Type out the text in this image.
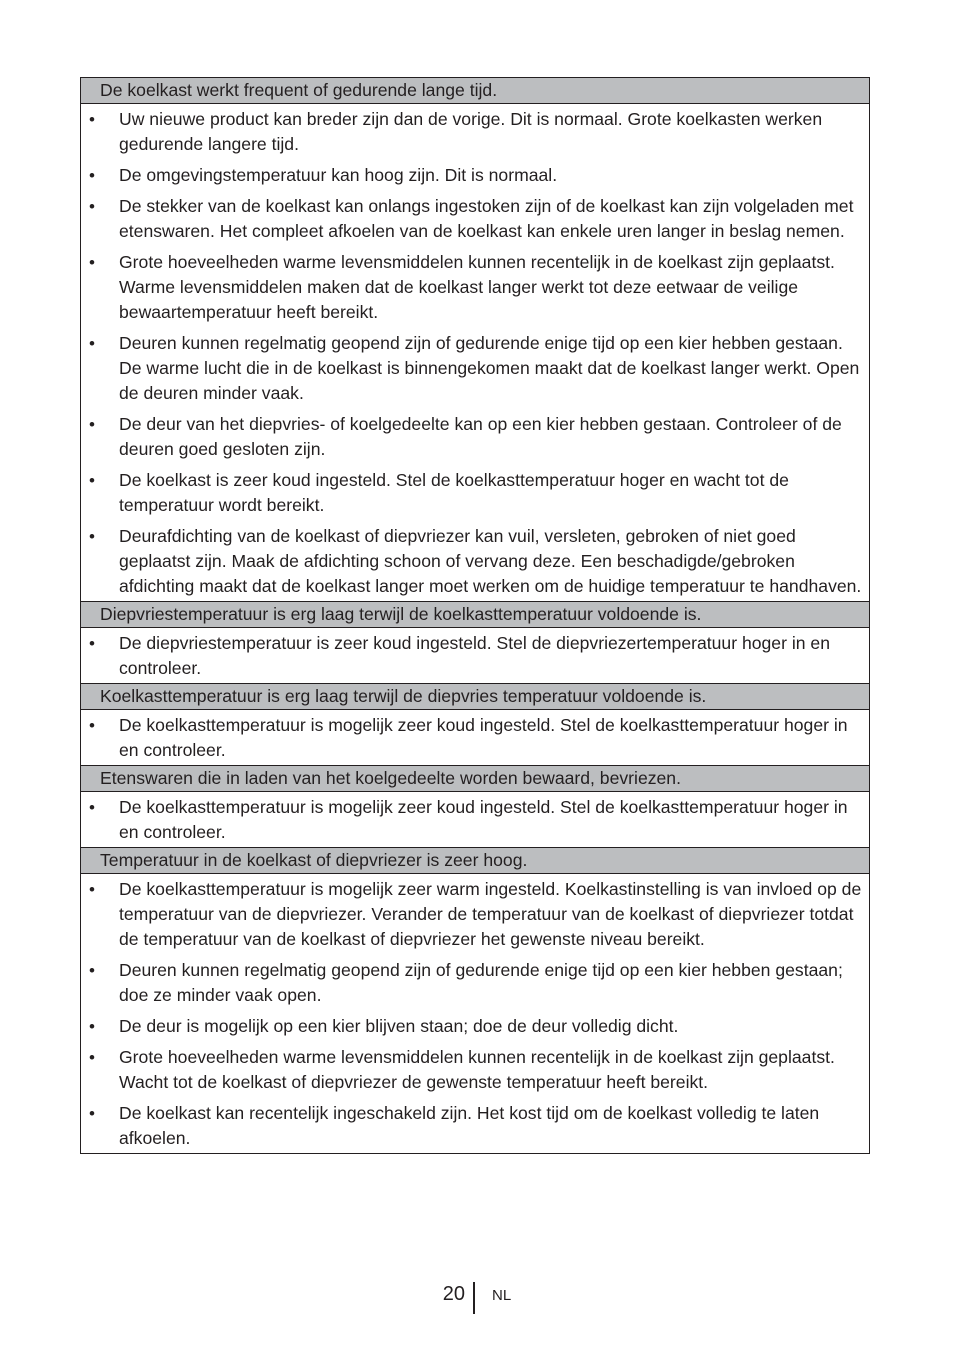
De koelkast werkt frequent of gedurende lange tijd.
• Uw nieuwe product kan breder zijn dan de vorige. Dit is normaal. Grote koelkasten werken gedurende langere tijd.
• De omgevingstemperatuur kan hoog zijn. Dit is normaal.
• De stekker van de koelkast kan onlangs ingestoken zijn of de koelkast kan zijn volgeladen met etenswaren. Het compleet afkoelen van de koelkast kan enkele uren langer in beslag nemen.
• Grote hoeveelheden warme levensmiddelen kunnen recentelijk in de koelkast zijn geplaatst. Warme levensmiddelen maken dat de koelkast langer werkt tot deze eetwaar de veilige bewaartemperatuur heeft bereikt.
• Deuren kunnen regelmatig geopend zijn of gedurende enige tijd op een kier hebben gestaan. De warme lucht die in de koelkast is binnengekomen maakt dat de koelkast langer werkt. Open de deuren minder vaak.
• De deur van het diepvries- of koelgedeelte kan op een kier hebben gestaan. Controleer of de deuren goed gesloten zijn.
• De koelkast is zeer koud ingesteld. Stel de koelkasttemperatuur hoger en wacht tot de temperatuur wordt bereikt.
• Deurafdichting van de koelkast of diepvriezer kan vuil, versleten, gebroken of niet goed geplaatst zijn. Maak de afdichting schoon of vervang deze. Een beschadigde/gebroken afdichting maakt dat de koelkast langer moet werken om de huidige temperatuur te handhaven.
Diepvriestemperatuur is erg laag terwijl de koelkasttemperatuur voldoende is.
• De diepvriestemperatuur is zeer koud ingesteld. Stel de diepvriezertemperatuur hoger in en controleer.
Koelkasttemperatuur is erg laag terwijl de diepvries temperatuur voldoende is.
• De koelkasttemperatuur is mogelijk zeer koud ingesteld. Stel de koelkasttemperatuur hoger in en controleer.
Etenswaren die in laden van het koelgedeelte worden bewaard, bevriezen.
• De koelkasttemperatuur is mogelijk zeer koud ingesteld. Stel de koelkasttemperatuur hoger in en controleer.
Temperatuur in de koelkast of diepvriezer is zeer hoog.
• De koelkasttemperatuur is mogelijk zeer warm ingesteld. Koelkastinstelling is van invloed op de temperatuur van de diepvriezer. Verander de temperatuur van de koelkast of diepvriezer totdat de temperatuur van de koelkast of diepvriezer het gewenste niveau bereikt.
• Deuren kunnen regelmatig geopend zijn of gedurende enige tijd op een kier hebben gestaan; doe ze minder vaak open.
• De deur is mogelijk op een kier blijven staan; doe de deur volledig dicht.
• Grote hoeveelheden warme levensmiddelen kunnen recentelijk in de koelkast zijn geplaatst. Wacht tot de koelkast of diepvriezer de gewenste temperatuur heeft bereikt.
• De koelkast kan recentelijk ingeschakeld zijn. Het kost tijd om de koelkast volledig te laten afkoelen.
20 NL
